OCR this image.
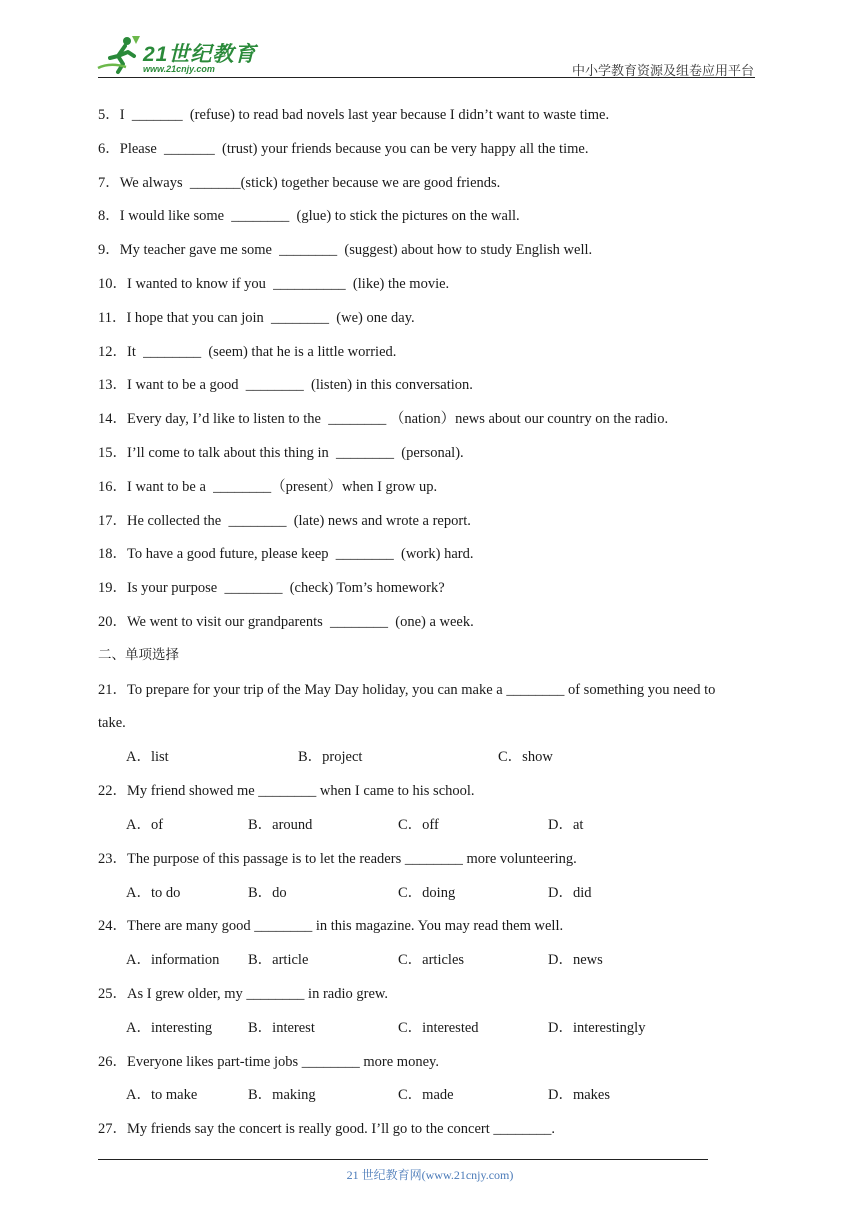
21世纪教育
www.21cnjy.com	中小学教育资源及组卷应用平台
5．I  _______  (refuse) to read bad novels last year because I didn’t want to waste time.
6．Please  _______  (trust) your friends because you can be very happy all the time.
7．We always  _______(stick) together because we are good friends.
8．I would like some  ________  (glue) to stick the pictures on the wall.
9．My teacher gave me some  ________  (suggest) about how to study English well.
10．I wanted to know if you  __________  (like) the movie.
11．I hope that you can join  ________  (we) one day.
12．It  ________  (seem) that he is a little worried.
13．I want to be a good  ________  (listen) in this conversation.
14．Every day, I’d like to listen to the  ________ （nation）news about our country on the radio.
15．I’ll come to talk about this thing in  ________  (personal).
16．I want to be a  ________（present）when I grow up.
17．He collected the  ________  (late) news and wrote a report.
18．To have a good future, please keep  ________  (work) hard.
19．Is your purpose  ________  (check) Tom’s homework?
20．We went to visit our grandparents  ________  (one) a week.
二、单项选择
21．To prepare for your trip of the May Day holiday, you can make a ________ of something you need to
take.
A．list	B．project	C．show
22．My friend showed me ________ when I came to his school.
A．of	B．around	C．off	D．at
23．The purpose of this passage is to let the readers ________ more volunteering.
A．to do	B．do	C．doing	D．did
24．There are many good ________ in this magazine. You may read them well.
A．information B．article	C．articles	D．news
25．As I grew older, my ________ in radio grew.
A．interesting B．interest	C．interested	D．interestingly
26．Everyone likes part-time jobs ________ more money.
A．to make	B．making	C．made	D．makes
27．My friends say the concert is really good. I’ll go to the concert ________.
21 世纪教育网(www.21cnjy.com)
